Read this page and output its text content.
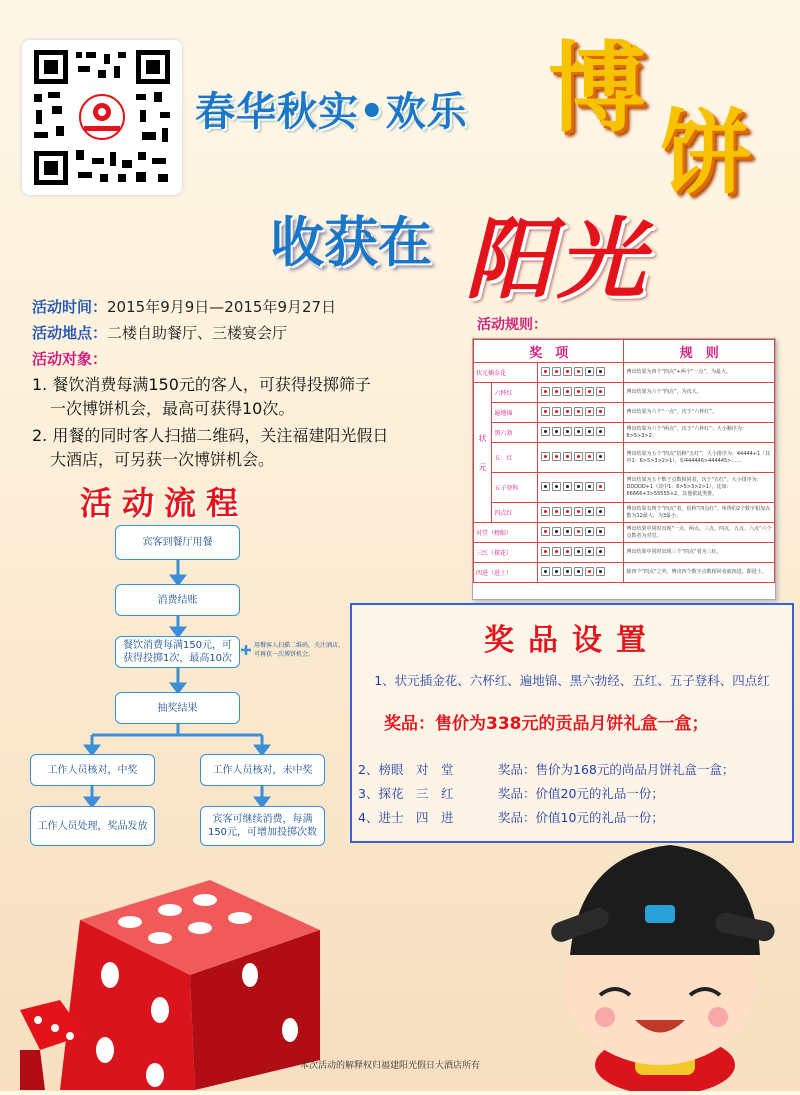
春华秋实•欢乐 博
饼
收获在 阳光
活动时间：2015年9月9日—2015年9月27日
活动地点：二楼自助餐厅、三楼宴会厅
活动对象：
1. 餐饮消费每满150元的客人，可获得投掷筛子
一次博饼机会，最高可获得10次。
2. 用餐的同时客人扫描二维码，关注福建阳光假日
大酒店，可另获一次博饼机会。
活动流程
宾客到餐厅用餐
消费结账
餐饮消费每满150元，可获得投掷1次，最高10次
用餐客人扫描二维码，关注酒店，可再获一次博饼机会。
抽奖结果
工作人员核对，中奖	工作人员核对，未中奖
工作人员处理，奖品发放
宾客可继续消费，每满150元，可增加投掷次数
活动规则：
奖　项			规　则
状元插金花			博出结果为四个“四点”+两个“一点”，为最大。

状
元	六杯红		博出结果为六个“四点”，为次大。
	遍地锦		博出结果为六个“一点”，次于“六杯红”。
	黑六勃		博出结果为六个“两点”，次于“六杯红”；大小顺序为：6>5>3>2。
	五　红		博出结果为五个“四点”俗称“五红”，大小排序为：44444+1（其中1：6>5>3>2>1），如444446>444445>……
	五子登科		博出结果为五个数子点数相同者，次于“五红”。大小排序为：DDDDD+1（其中1：6>5>3>2>1），比如：66666+3>55555+2，其他依此类推。
	四点红		博出结果有四个“四点”者，俗称“四点红”，所得的2个数字相加点数为12最大，为3最小。
对堂（榜眼）			博出结果中同时出现“一点、两点、三点、四点、五点、六点”六个点数者为对堂。
三红（探花）			博出结果中同时出现三个“四点”者为三红。
四进（进士）			除四个“四点”之外，博出四个数字点数相同者就四进，即进士。
奖品设置
1、状元插金花、六杯红、遍地锦、黑六勃经、五红、五子登科、四点红
奖品：售价为338元的贡品月饼礼盒一盒；
2、榜眼　对　堂	奖品：售价为168元的尚品月饼礼盒一盒；
3、探花　三　红	奖品：价值20元的礼品一份；
4、进士　四　进	奖品：价值10元的礼品一份；
本次活动的解释权归福建阳光假日大酒店所有
